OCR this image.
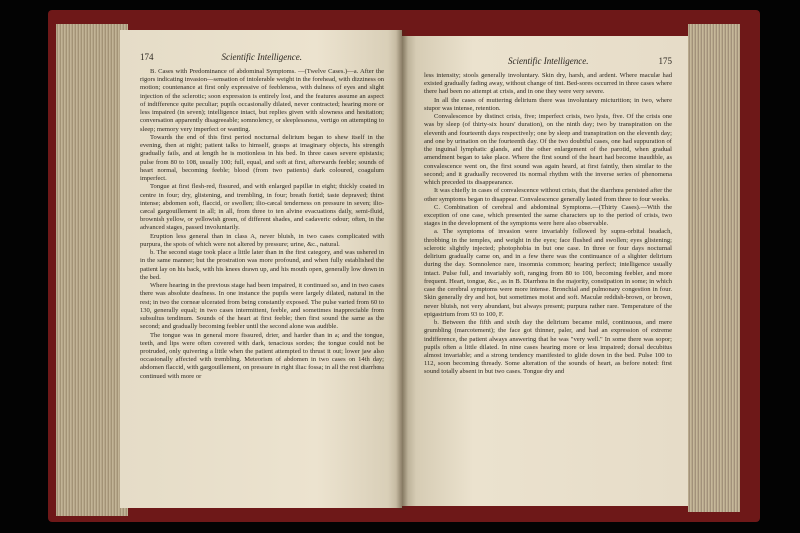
174	Scientific Intelligence.

B. Cases with Predominance of abdominal Symptoms. —(Twelve Cases.)—a. After the rigors indicating invasion—sensation of intolerable weight in the forehead, with dizziness on motion; countenance at first only expressive of feebleness, with dulness of eyes and slight injection of the sclerotic; soon expression is entirely lost, and the features assume an aspect of indifference quite peculiar; pupils occasionally dilated, never contracted; hearing more or less impaired (in seven); intelligence intact, but replies given with slowness and hesitation; conversation apparently disagreeable; somnolency, or sleeplessness, vertigo on attempting to sleep; memory very imperfect or wanting.

Towards the end of this first period nocturnal delirium began to shew itself in the evening, then at night; patient talks to himself, grasps at imaginary objects, his strength gradually fails, and at length he is motionless in his bed. In three cases severe epistaxis; pulse from 80 to 108, usually 100; full, equal, and soft at first, afterwards feeble; sounds of heart normal, becoming feeble; blood (from two patients) dark coloured, coagulum imperfect.

Tongue at first flesh-red, fissured, and with enlarged papillæ in eight; thickly coated in centre in four; dry, glistening, and trembling, in four; breath fœtid; taste depraved; thirst intense; abdomen soft, flaccid, or swollen; ilio-cæcal tenderness on pressure in seven; ilio-cæcal gargouillement in all; in all, from three to ten alvine evacuations daily, semi-fluid, brownish yellow, or yellowish green, of different shades, and cadaveric odour; often, in the advanced stages, passed involuntarily.

Eruption less general than in class A, never bluish, in two cases complicated with purpura, the spots of which were not altered by pressure; urine, &c., natural.

b. The second stage took place a little later than in the first category, and was ushered in in the same manner; but the prostration was more profound, and when fully established the patient lay on his back, with his knees drawn up, and his mouth open, generally low down in the bed.

Where hearing in the previous stage had been impaired, it continued so, and in two cases there was absolute deafness. In one instance the pupils were largely dilated, natural in the rest; in two the corneæ ulcerated from being constantly exposed. The pulse varied from 60 to 130, generally equal; in two cases intermittent, feeble, and sometimes inappreciable from subsultus tendinum. Sounds of the heart at first feeble; then first sound the same as the second; and gradually becoming feebler until the second alone was audible.

The tongue was in general more fissured, drier, and harder than in a; and the tongue, teeth, and lips were often covered with dark, tenacious sordes; the tongue could not be protruded, only quivering a little when the patient attempted to thrust it out; lower jaw also occasionally affected with trembling. Meteorism of abdomen in two cases on 14th day; abdomen flaccid, with gargouillement, on pressure in right iliac fossa; in all the rest diarrhœa continued with more or

Scientific Intelligence.	175

less intensity; stools generally involuntary. Skin dry, harsh, and ardent. Where maculæ had existed gradually fading away, without change of tint. Bed-sores occurred in three cases where there had been no attempt at crisis, and in one they were very severe.

In all the cases of muttering delirium there was involuntary micturition; in two, where stupor was intense, retention.

Convalescence by distinct crisis, five; imperfect crisis, two lysis, five. Of the crisis one was by sleep (of thirty-six hours' duration), on the ninth day; two by transpiration on the eleventh and fourteenth days respectively; one by sleep and transpiration on the eleventh day; and one by urination on the fourteenth day. Of the two doubtful cases, one had suppuration of the inguinal lymphatic glands, and the other enlargement of the parotid, when gradual amendment began to take place. Where the first sound of the heart had become inaudible, as convalescence went on, the first sound was again heard, at first faintly, then similar to the second; and it gradually recovered its normal rhythm with the inverse series of phenomena which preceded its disappearance.

It was chiefly in cases of convalescence without crisis, that the diarrhœa persisted after the other symptoms began to disappear. Convalescence generally lasted from three to four weeks.

C. Combination of cerebral and abdominal Symptoms.—(Thirty Cases).—With the exception of one case, which presented the same characters up to the period of crisis, two stages in the development of the symptoms were here also observable.

a. The symptoms of invasion were invariably followed by supra-orbital headach, throbbing in the temples, and weight in the eyes; face flushed and swollen; eyes glistening; sclerotic slightly injected; photophobia in but one case. In three or four days nocturnal delirium gradually came on, and in a few there was the continuance of a slighter delirium during the day. Somnolence rare, insomnia common; hearing perfect; intelligence usually intact. Pulse full, and invariably soft, ranging from 80 to 100, becoming feebler, and more frequent. Heart, tongue, &c., as in B. Diarrhœa in the majority, constipation in some; in which case the cerebral symptoms were more intense. Bronchial and pulmonary congestion in four. Skin generally dry and hot, but sometimes moist and soft. Maculæ reddish-brown, or brown, never bluish, not very abundant, but always present; purpura rather rare. Temperature of the epigastrium from 93 to 100, F.

b. Between the fifth and sixth day the delirium became mild, continuous, and mere grumbling (marcotement); the face got thinner, paler, and had an expression of extreme indifference, the patient always answering that he was "very well." In some there was sopor; pupils often a little dilated. In nine cases hearing more or less impaired; dorsal decubitus almost invariable; and a strong tendency manifested to glide down in the bed. Pulse 100 to 112, soon becoming thready. Some alteration of the sounds of heart, as before noted: first sound totally absent in but two cases. Tongue dry and
